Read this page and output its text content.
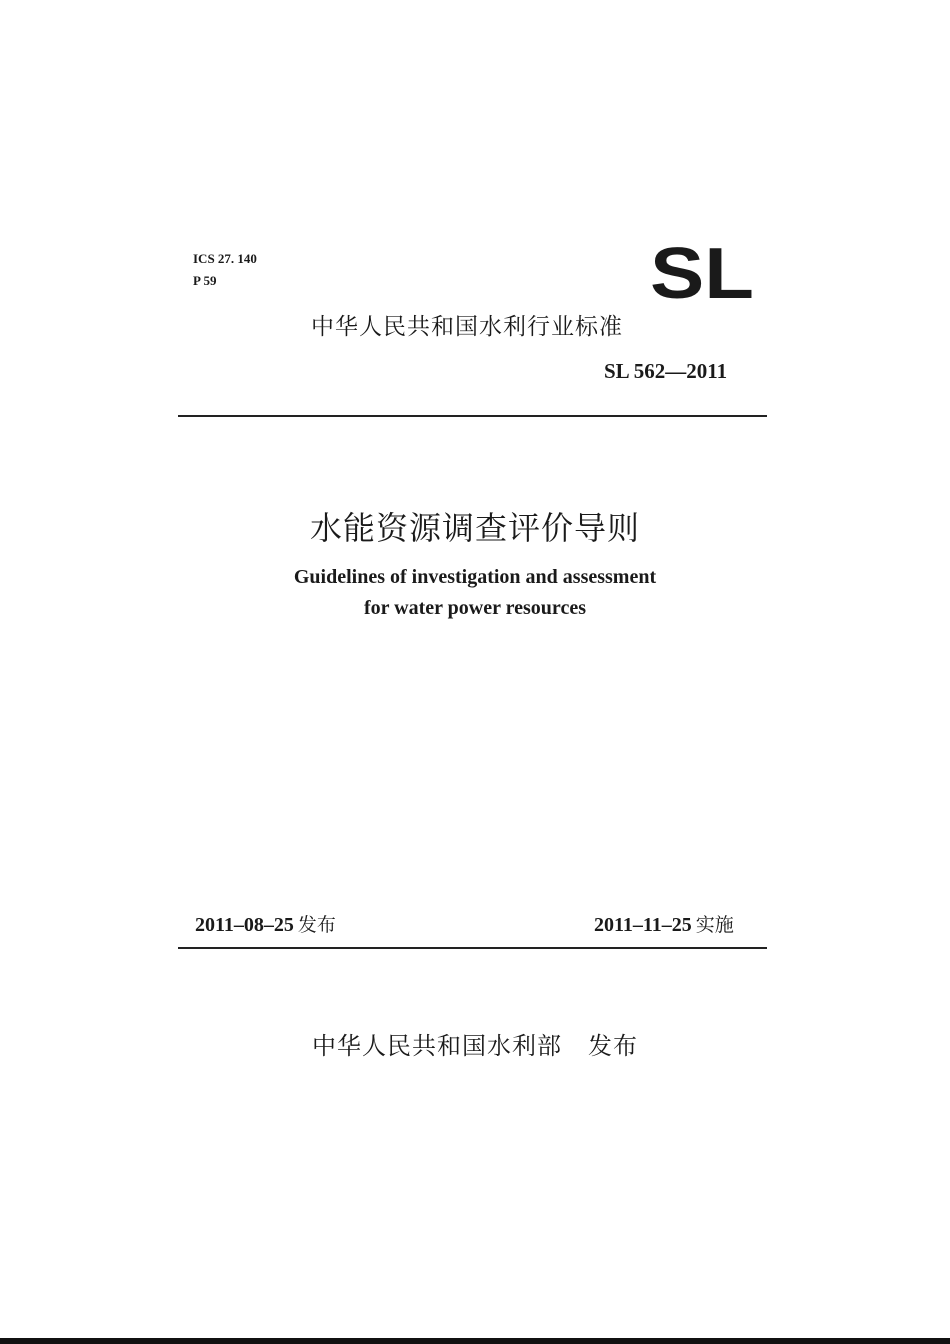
ICS 27. 140
P 59	SL
中华人民共和国水利行业标准
SL 562—2011
水能资源调查评价导则
Guidelines of investigation and assessment
for water power resources
2011–08–25 发布	2011–11–25 实施
中华人民共和国水利部 发布
